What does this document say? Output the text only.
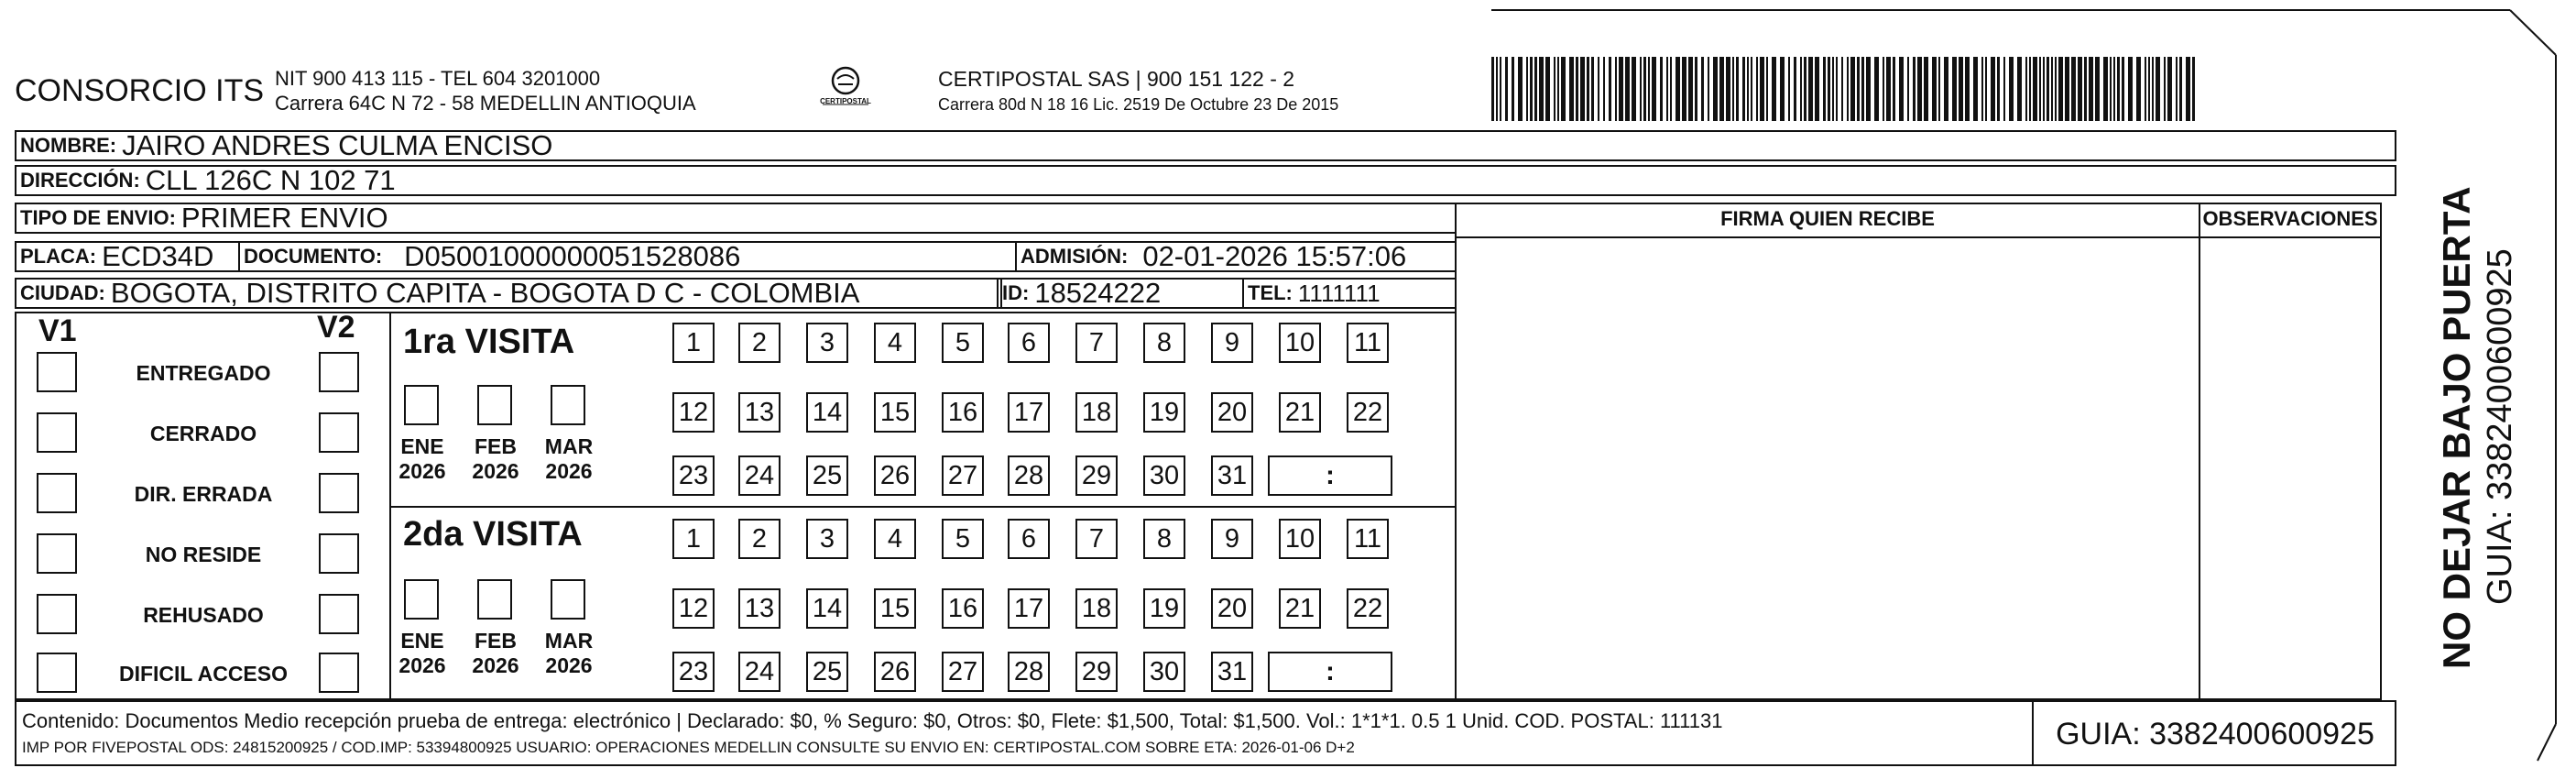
CONSORCIO ITS NIT 900 413 115 - TEL 604 3201000
Carrera 64C N 72 - 58 MEDELLIN ANTIOQUIA	CERTIPOSTAL
CERTIPOSTAL SAS | 900 151 122 - 2
Carrera 80d N 18 16 Lic. 2519 De Octubre 23 De 2015
NOMBRE: JAIRO ANDRES CULMA ENCISO
DIRECCIÓN: CLL 126C N 102 71
TIPO DE ENVIO: PRIMER ENVIO
PLACA: ECD34D DOCUMENTO: D05001000000051528086	ADMISIÓN: 02-01-2026 15:57:06
CIUDAD: BOGOTA, DISTRITO CAPITA - BOGOTA D C - COLOMBIA	ID: 18524222	TEL: 1111111
FIRMA QUIEN RECIBE	OBSERVACIONES
V1	V2
ENTREGADO
CERRADO
DIR. ERRADA
NO RESIDE
REHUSADO
DIFICIL ACCESO
1ra VISITA
2da VISITA
ENE
2026
FEB
2026
MAR
2026
ENE
2026
FEB
2026
MAR
2026
1	2	3	4	5	6	7	8	9	10 11
12 13 14 15 16 17 18 19 20 21 22
23 24 25 26 27 28 29 30 31	:
1	2	3	4	5	6	7	8	9	10 11
12 13 14 15 16 17 18 19 20 21 22
23 24 25 26 27 28 29 30 31	:
Contenido: Documentos Medio recepción prueba de entrega: electrónico | Declarado: $0, % Seguro: $0, Otros: $0, Flete: $1,500, Total: $1,500. Vol.: 1*1*1. 0.5 1 Unid. COD. POSTAL: 111131
IMP POR FIVEPOSTAL ODS: 24815200925 / COD.IMP: 53394800925 USUARIO: OPERACIONES MEDELLIN CONSULTE SU ENVIO EN: CERTIPOSTAL.COM SOBRE ETA: 2026-01-06 D+2	GUIA: 3382400600925
NO DEJAR BAJO PUERTA GUIA: 3382400600925
